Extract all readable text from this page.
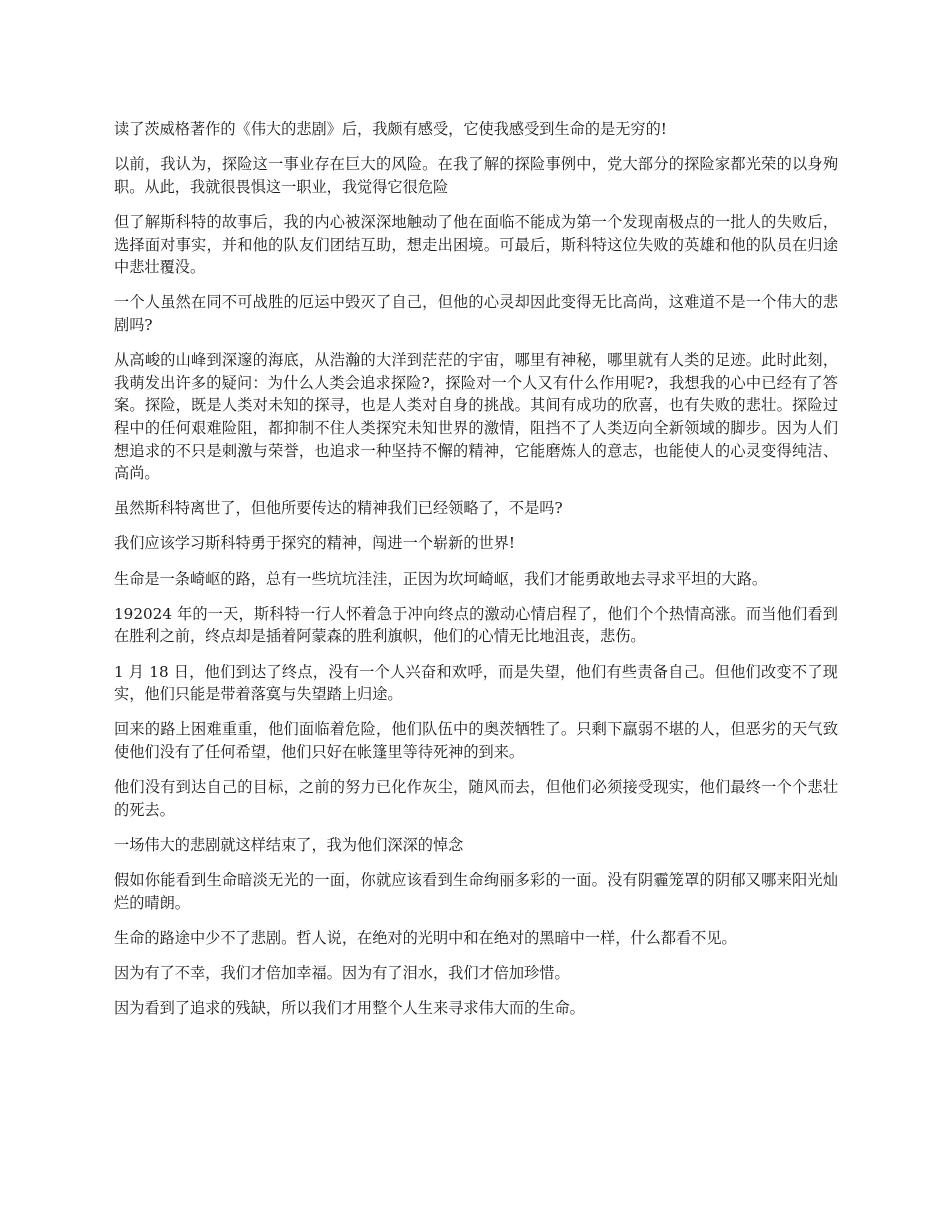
读了茨威格著作的《伟大的悲剧》后，我颇有感受，它使我感受到生命的是无穷的!

以前，我认为，探险这一事业存在巨大的风险。在我了解的探险事例中，党大部分的探险家都光荣的以身殉职。从此，我就很畏惧这一职业，我觉得它很危险

但了解斯科特的故事后，我的内心被深深地触动了他在面临不能成为第一个发现南极点的一批人的失败后，选择面对事实，并和他的队友们团结互助，想走出困境。可最后，斯科特这位失败的英雄和他的队员在归途中悲壮覆没。

一个人虽然在同不可战胜的厄运中毁灭了自己，但他的心灵却因此变得无比高尚，这难道不是一个伟大的悲剧吗?

从高峻的山峰到深邃的海底，从浩瀚的大洋到茫茫的宇宙，哪里有神秘，哪里就有人类的足迹。此时此刻，我萌发出许多的疑问：为什么人类会追求探险?，探险对一个人又有什么作用呢?，我想我的心中已经有了答案。探险，既是人类对未知的探寻，也是人类对自身的挑战。其间有成功的欣喜，也有失败的悲壮。探险过程中的任何艰难险阻，都抑制不住人类探究未知世界的激情，阻挡不了人类迈向全新领域的脚步。因为人们想追求的不只是刺激与荣誉，也追求一种坚持不懈的精神，它能磨炼人的意志，也能使人的心灵变得纯洁、高尚。

虽然斯科特离世了，但他所要传达的精神我们已经领略了，不是吗?

我们应该学习斯科特勇于探究的精神，闯进一个崭新的世界!

生命是一条崎岖的路，总有一些坑坑洼洼，正因为坎坷崎岖，我们才能勇敢地去寻求平坦的大路。

192024 年的一天，斯科特一行人怀着急于冲向终点的激动心情启程了，他们个个热情高涨。而当他们看到在胜利之前，终点却是插着阿蒙森的胜利旗帜，他们的心情无比地沮丧，悲伤。

1 月 18 日，他们到达了终点，没有一个人兴奋和欢呼，而是失望，他们有些责备自己。但他们改变不了现实，他们只能是带着落寞与失望踏上归途。

回来的路上困难重重，他们面临着危险，他们队伍中的奥茨牺牲了。只剩下羸弱不堪的人，但恶劣的天气致使他们没有了任何希望，他们只好在帐篷里等待死神的到来。

他们没有到达自己的目标，之前的努力已化作灰尘，随风而去，但他们必须接受现实，他们最终一个个悲壮的死去。

一场伟大的悲剧就这样结束了，我为他们深深的悼念

假如你能看到生命暗淡无光的一面，你就应该看到生命绚丽多彩的一面。没有阴霾笼罩的阴郁又哪来阳光灿烂的晴朗。

生命的路途中少不了悲剧。哲人说，在绝对的光明中和在绝对的黑暗中一样，什么都看不见。

因为有了不幸，我们才倍加幸福。因为有了泪水，我们才倍加珍惜。

因为看到了追求的残缺，所以我们才用整个人生来寻求伟大而的生命。
